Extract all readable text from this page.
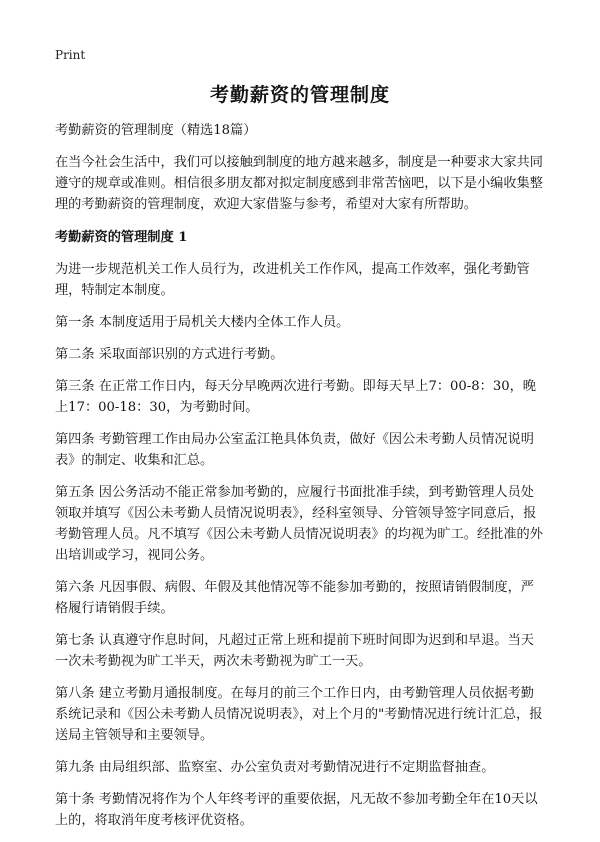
Print
考勤薪资的管理制度

考勤薪资的管理制度（精选18篇）

在当今社会生活中，我们可以接触到制度的地方越来越多，制度是一种要求大家共同遵守的规章或准则。相信很多朋友都对拟定制度感到非常苦恼吧，以下是小编收集整理的考勤薪资的管理制度，欢迎大家借鉴与参考，希望对大家有所帮助。

考勤薪资的管理制度 1

为进一步规范机关工作人员行为，改进机关工作作风，提高工作效率，强化考勤管理，特制定本制度。

第一条 本制度适用于局机关大楼内全体工作人员。

第二条 采取面部识别的方式进行考勤。

第三条 在正常工作日内，每天分早晚两次进行考勤。即每天早上7：00-8：30，晚上17：00-18：30，为考勤时间。

第四条 考勤管理工作由局办公室孟江艳具体负责，做好《因公未考勤人员情况说明表》的制定、收集和汇总。

第五条 因公务活动不能正常参加考勤的，应履行书面批准手续，到考勤管理人员处领取并填写《因公未考勤人员情况说明表》，经科室领导、分管领导签字同意后，报考勤管理人员。凡不填写《因公未考勤人员情况说明表》的均视为旷工。经批准的外出培训或学习，视同公务。

第六条 凡因事假、病假、年假及其他情况等不能参加考勤的，按照请销假制度，严格履行请销假手续。

第七条 认真遵守作息时间，凡超过正常上班和提前下班时间即为迟到和早退。当天一次未考勤视为旷工半天，两次未考勤视为旷工一天。

第八条 建立考勤月通报制度。在每月的前三个工作日内，由考勤管理人员依据考勤系统记录和《因公未考勤人员情况说明表》，对上个月的"考勤情况进行统计汇总，报送局主管领导和主要领导。

第九条 由局组织部、监察室、办公室负责对考勤情况进行不定期监督抽查。

第十条 考勤情况将作为个人年终考评的重要依据，凡无故不参加考勤全年在10天以上的，将取消年度考核评优资格。
